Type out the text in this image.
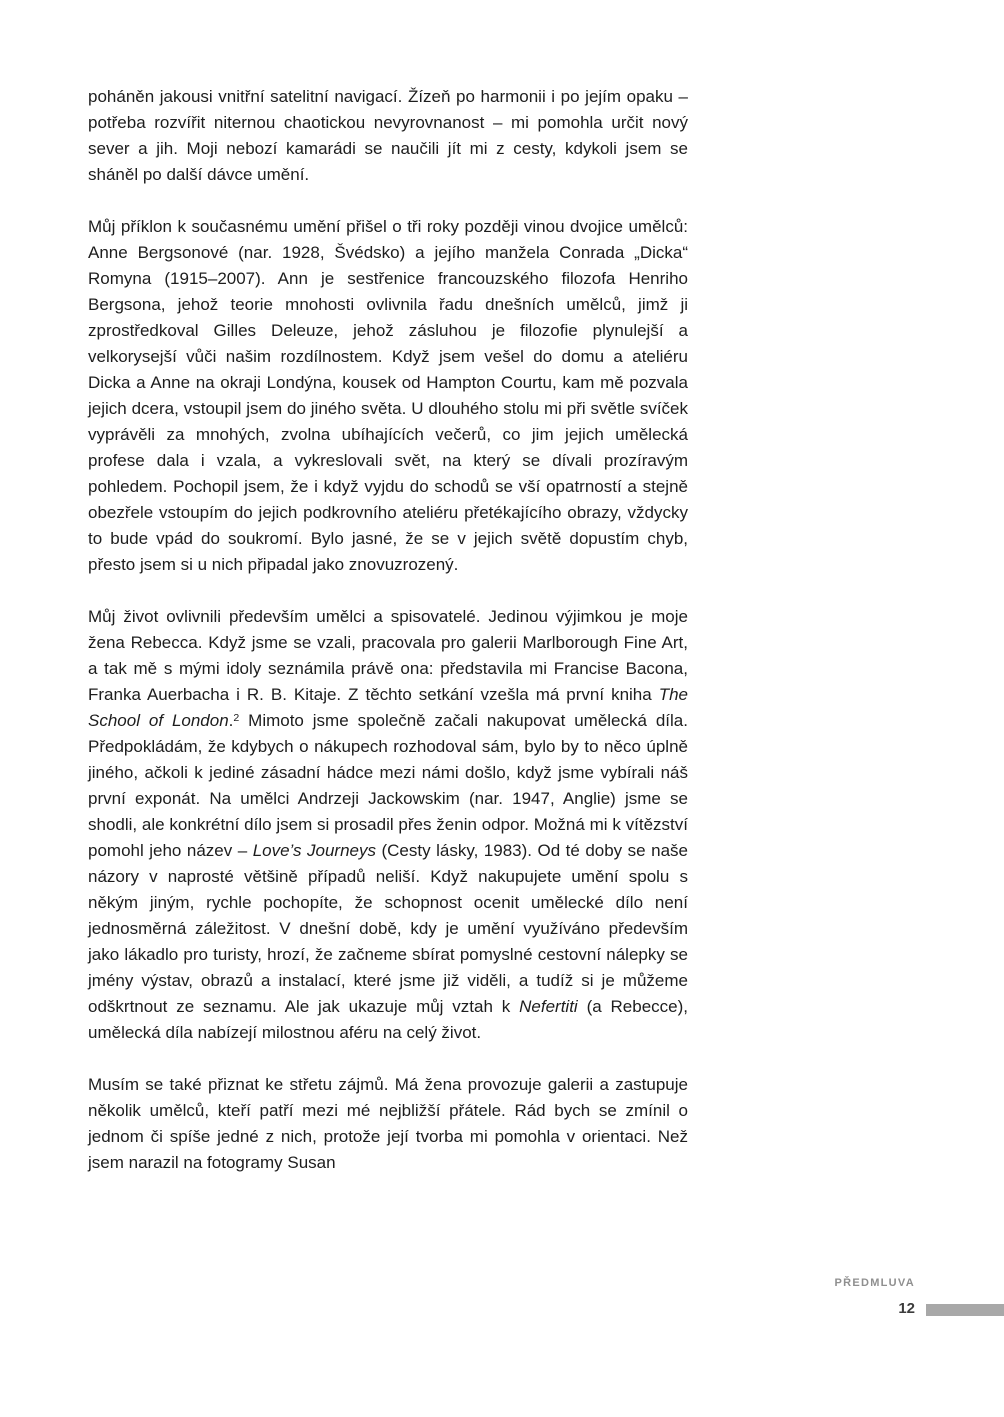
poháněn jakousi vnitřní satelitní navigací. Žízeň po harmonii i po jejím opaku – potřeba rozvířit niternou chaotickou nevyrovnanost – mi pomohla určit nový sever a jih. Moji nebozí kamarádi se naučili jít mi z cesty, kdykoli jsem se sháněl po další dávce umění.

Můj příklon k současnému umění přišel o tři roky později vinou dvojice umělců: Anne Bergsonové (nar. 1928, Švédsko) a jejího manžela Conrada „Dicka“ Romyna (1915–2007). Ann je sestřenice francouzského filozofa Henriho Bergsona, jehož teorie mnohosti ovlivnila řadu dnešních umělců, jimž ji zprostředkoval Gilles Deleuze, jehož zásluhou je filozofie plynulejší a velkorysejší vůči našim rozdílnostem. Když jsem vešel do domu a ateliéru Dicka a Anne na okraji Londýna, kousek od Hampton Courtu, kam mě pozvala jejich dcera, vstoupil jsem do jiného světa. U dlouhého stolu mi při světle svíček vyprávěli za mnohých, zvolna ubíhajících večerů, co jim jejich umělecká profese dala i vzala, a vykreslovali svět, na který se dívali prozíravým pohledem. Pochopil jsem, že i když vyjdu do schodů se vší opatrností a stejně obezřele vstoupím do jejich podkrovního ateliéru přetékajícího obrazy, vždycky to bude vpád do soukromí. Bylo jasné, že se v jejich světě dopustím chyb, přesto jsem si u nich připadal jako znovuzrozený.

Můj život ovlivnili především umělci a spisovatelé. Jedinou výjimkou je moje žena Rebecca. Když jsme se vzali, pracovala pro galerii Marlborough Fine Art, a tak mě s mými idoly seznámila právě ona: představila mi Francise Bacona, Franka Auerbacha i R. B. Kitaje. Z těchto setkání vzešla má první kniha The School of London.$^2$ Mimoto jsme společně začali nakupovat umělecká díla. Předpokládám, že kdybych o nákupech rozhodoval sám, bylo by to něco úplně jiného, ačkoli k jediné zásadní hádce mezi námi došlo, když jsme vybírali náš první exponát. Na umělci Andrzeji Jackowskim (nar. 1947, Anglie) jsme se shodli, ale konkrétní dílo jsem si prosadil přes ženin odpor. Možná mi k vítězství pomohl jeho název – Love’s Journeys (Cesty lásky, 1983). Od té doby se naše názory v naprosté většině případů neliší. Když nakupujete umění spolu s někým jiným, rychle pochopíte, že schopnost ocenit umělecké dílo není jednosměrná záležitost. V dnešní době, kdy je umění využíváno především jako lákadlo pro turisty, hrozí, že začneme sbírat pomyslné cestovní nálepky se jmény výstav, obrazů a instalací, které jsme již viděli, a tudíž si je můžeme odškrtnout ze seznamu. Ale jak ukazuje můj vztah k Nefertiti (a Rebecce), umělecká díla nabízejí milostnou aféru na celý život.

Musím se také přiznat ke střetu zájmů. Má žena provozuje galerii a zastupuje několik umělců, kteří patří mezi mé nejbližší přátele. Rád bych se zmínil o jednom či spíše jedné z nich, protože její tvorba mi pomohla v orientaci. Než jsem narazil na fotogramy Susan

PŘEDMLUVA
12
